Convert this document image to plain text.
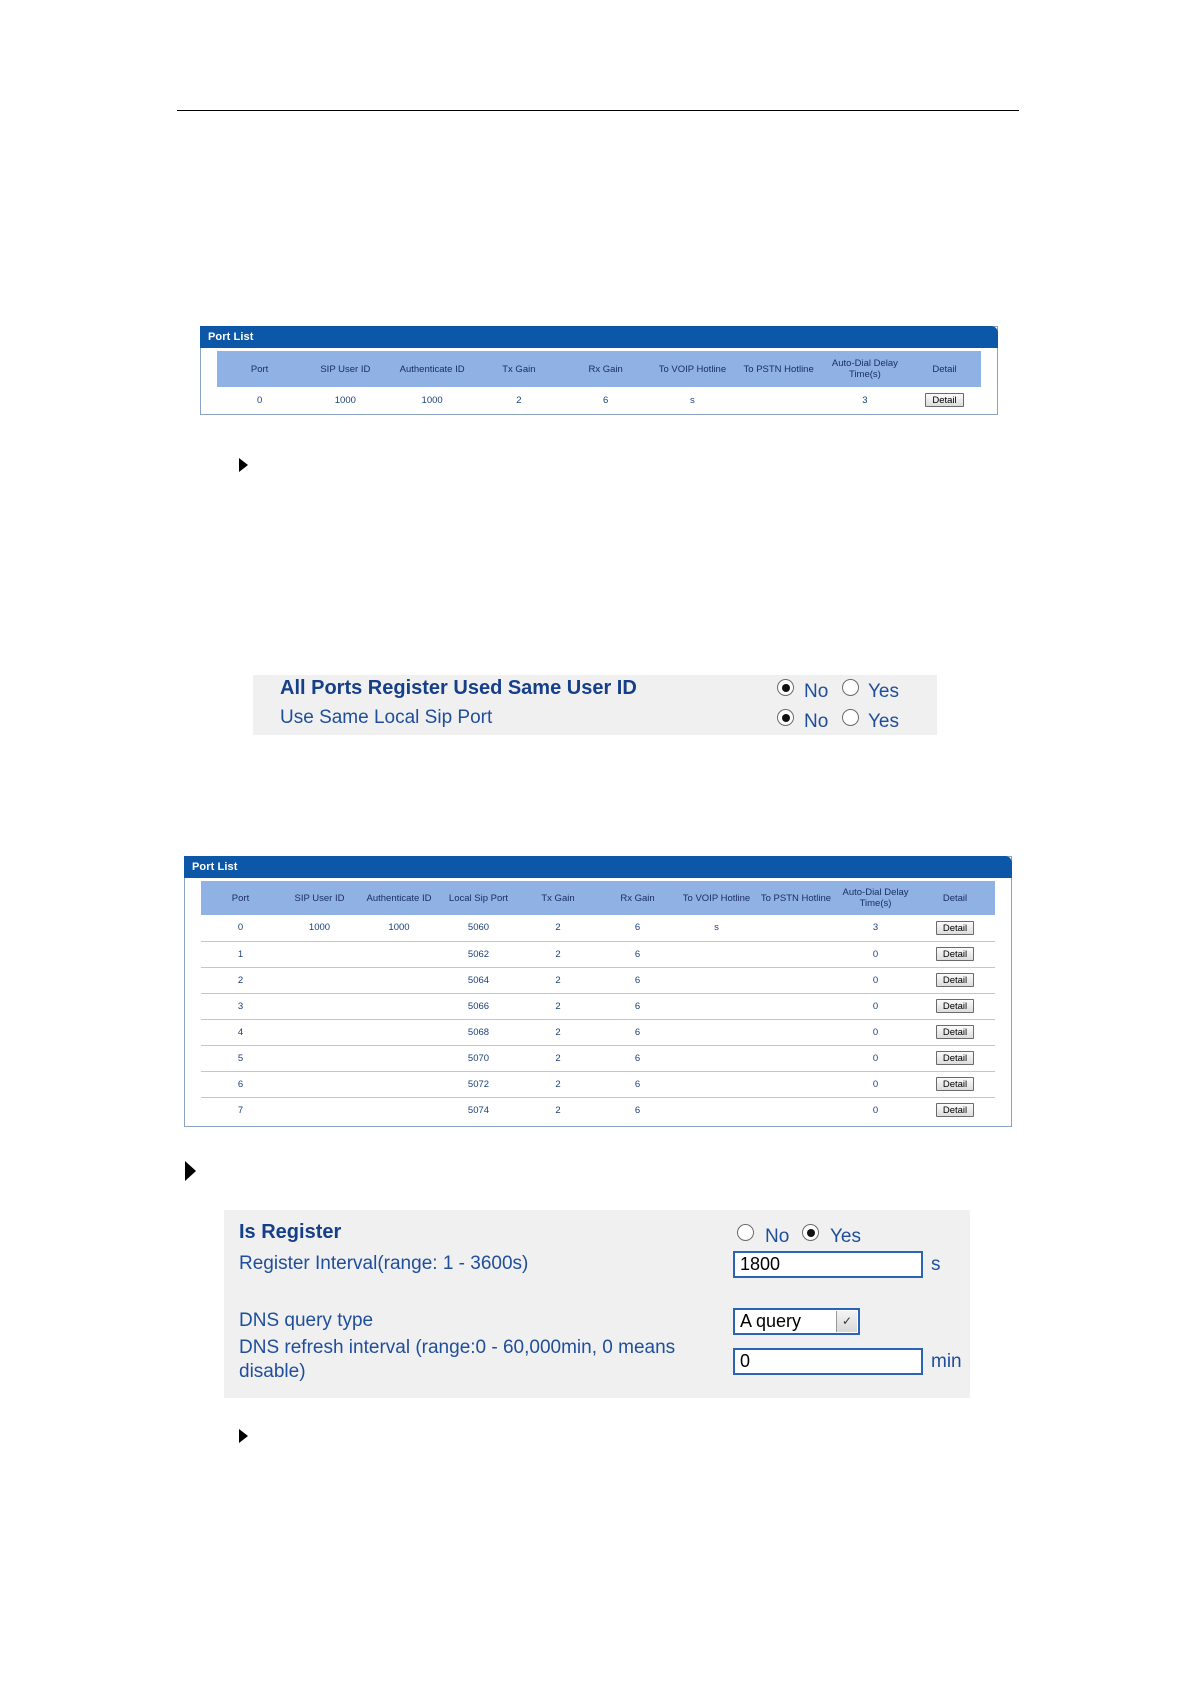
Port List
Port	SIP User ID	Authenticate ID	Tx Gain	Rx Gain	To VOIP Hotline	To PSTN Hotline	Auto-Dial Delay Time(s)	Detail
0	1000	1000	2	6	s		3	Detail
All Ports Register Used Same User ID	No Yes
Use Same Local Sip Port	No Yes
Port List
Port	SIP User ID	Authenticate ID	Local Sip Port	Tx Gain	Rx Gain	To VOIP Hotline	To PSTN Hotline	Auto-Dial Delay Time(s)	Detail
0	1000	1000	5060	2	6	s		3	Detail
1			5062	2	6			0	Detail
2			5064	2	6			0	Detail
3			5066	2	6			0	Detail
4			5068	2	6			0	Detail
5			5070	2	6			0	Detail
6			5072	2	6			0	Detail
7			5074	2	6			0	Detail
Is Register	No Yes
Register Interval(range: 1 - 3600s)	1800	s
DNS query type	A query	✓
DNS refresh interval (range:0 - 60,000min, 0 means
disable)	0	min
